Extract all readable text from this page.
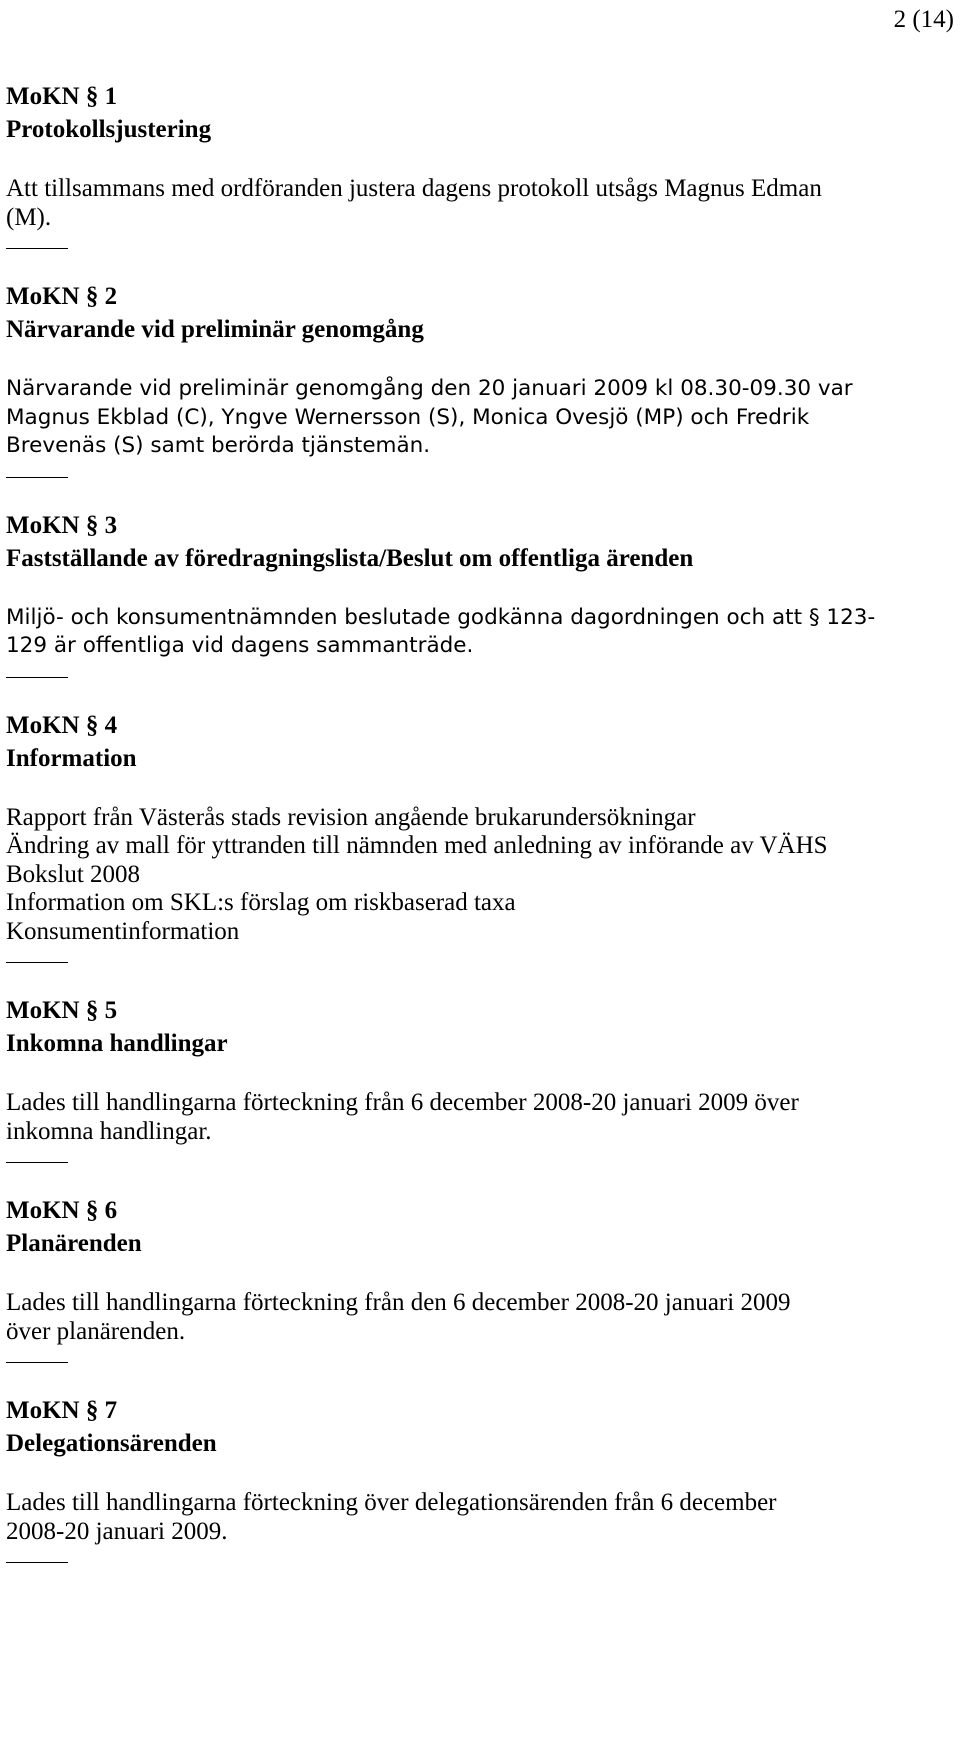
2 (14)

MoKN § 1

Protokollsjustering

Att tillsammans med ordföranden justera dagens protokoll utsågs Magnus Edman
(M).

MoKN § 2

Närvarande vid preliminär genomgång

Närvarande vid preliminär genomgång den 20 januari 2009 kl 08.30-09.30 var
Magnus Ekblad (C), Yngve Wernersson (S), Monica Ovesjö (MP) och Fredrik
Brevenäs (S) samt berörda tjänstemän.

MoKN § 3

Fastställande av föredragningslista/Beslut om offentliga ärenden

Miljö- och konsumentnämnden beslutade godkänna dagordningen och att § 123-
129 är offentliga vid dagens sammanträde.

MoKN § 4

Information

Rapport från Västerås stads revision angående brukarundersökningar
Ändring av mall för yttranden till nämnden med anledning av införande av VÄHS
Bokslut 2008
Information om SKL:s förslag om riskbaserad taxa
Konsumentinformation

MoKN § 5

Inkomna handlingar

Lades till handlingarna förteckning från 6 december 2008-20 januari 2009 över
inkomna handlingar.

MoKN § 6

Planärenden

Lades till handlingarna förteckning från den 6 december 2008-20 januari 2009
över planärenden.

MoKN § 7

Delegationsärenden

Lades till handlingarna förteckning över delegationsärenden från 6 december
2008-20 januari 2009.
